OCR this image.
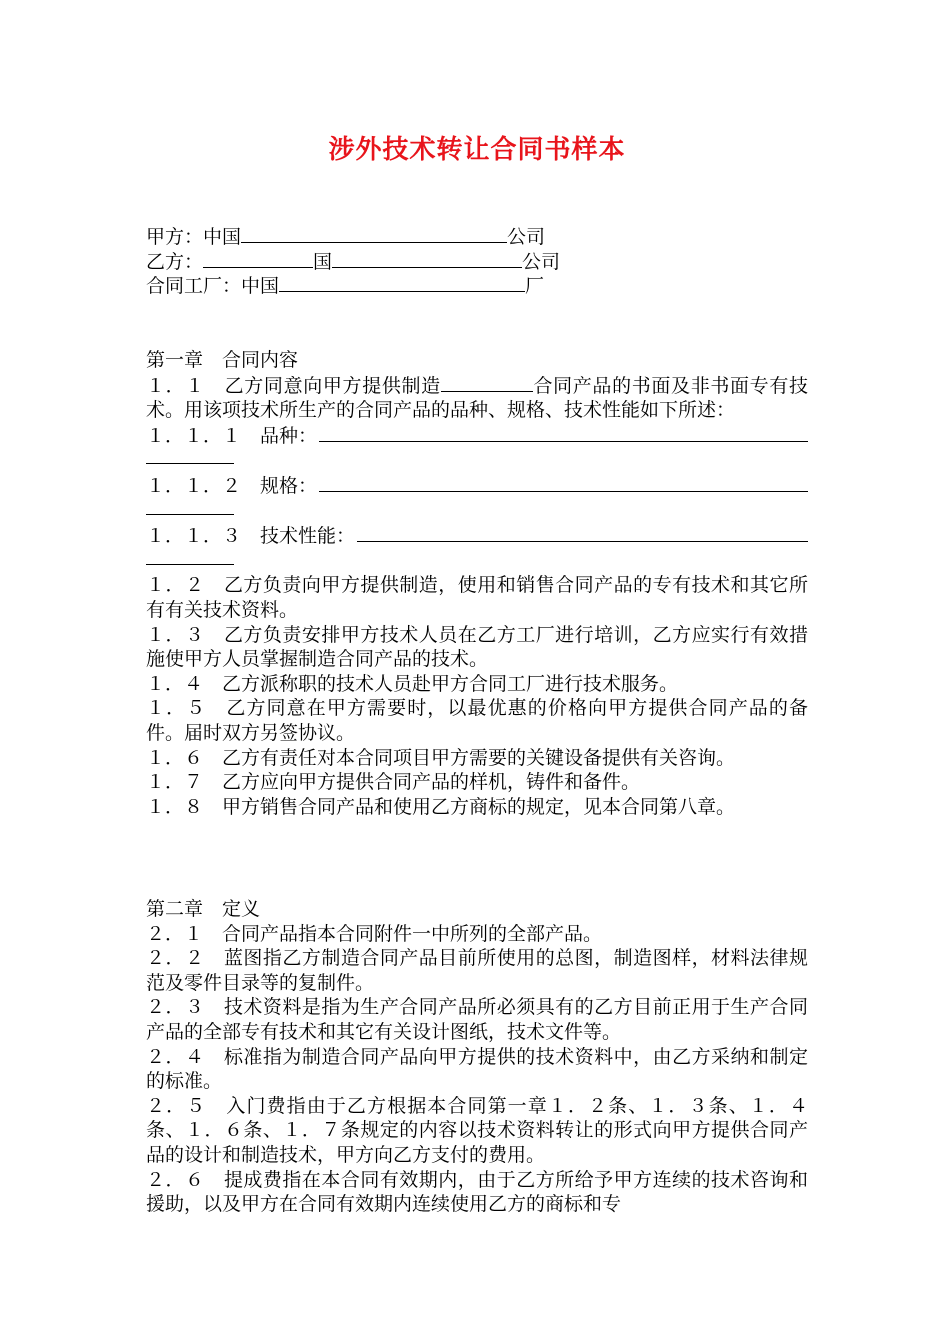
涉外技术转让合同书样本
甲方：中国	公司
乙方：	国	公司
合同工厂：中国	厂
第一章　合同内容
１．１　乙方同意向甲方提供制造	合同产品的书面及非书面专有技术。用该项技术所生产的合同产品的品种、规格、技术性能如下所述：
１．１．１　品种：
１．１．２　规格：
１．１．３　技术性能：
１．２　乙方负责向甲方提供制造，使用和销售合同产品的专有技术和其它所有有关技术资料。
１．３　乙方负责安排甲方技术人员在乙方工厂进行培训，乙方应实行有效措施使甲方人员掌握制造合同产品的技术。
１．４　乙方派称职的技术人员赴甲方合同工厂进行技术服务。
１．５　乙方同意在甲方需要时，以最优惠的价格向甲方提供合同产品的备件。届时双方另签协议。
１．６　乙方有责任对本合同项目甲方需要的关键设备提供有关咨询。
１．７　乙方应向甲方提供合同产品的样机，铸件和备件。
１．８　甲方销售合同产品和使用乙方商标的规定，见本合同第八章。
第二章　定义
２．１　合同产品指本合同附件一中所列的全部产品。
２．２　蓝图指乙方制造合同产品目前所使用的总图，制造图样，材料法律规范及零件目录等的复制件。
２．３　技术资料是指为生产合同产品所必须具有的乙方目前正用于生产合同产品的全部专有技术和其它有关设计图纸，技术文件等。
２．４　标准指为制造合同产品向甲方提供的技术资料中，由乙方采纳和制定的标准。
２．５　入门费指由于乙方根据本合同第一章１．２条、１．３条、１．４条、１．６条、１．７条规定的内容以技术资料转让的形式向甲方提供合同产品的设计和制造技术，甲方向乙方支付的费用。
２．６　提成费指在本合同有效期内，由于乙方所给予甲方连续的技术咨询和援助，以及甲方在合同有效期内连续使用乙方的商标和专
